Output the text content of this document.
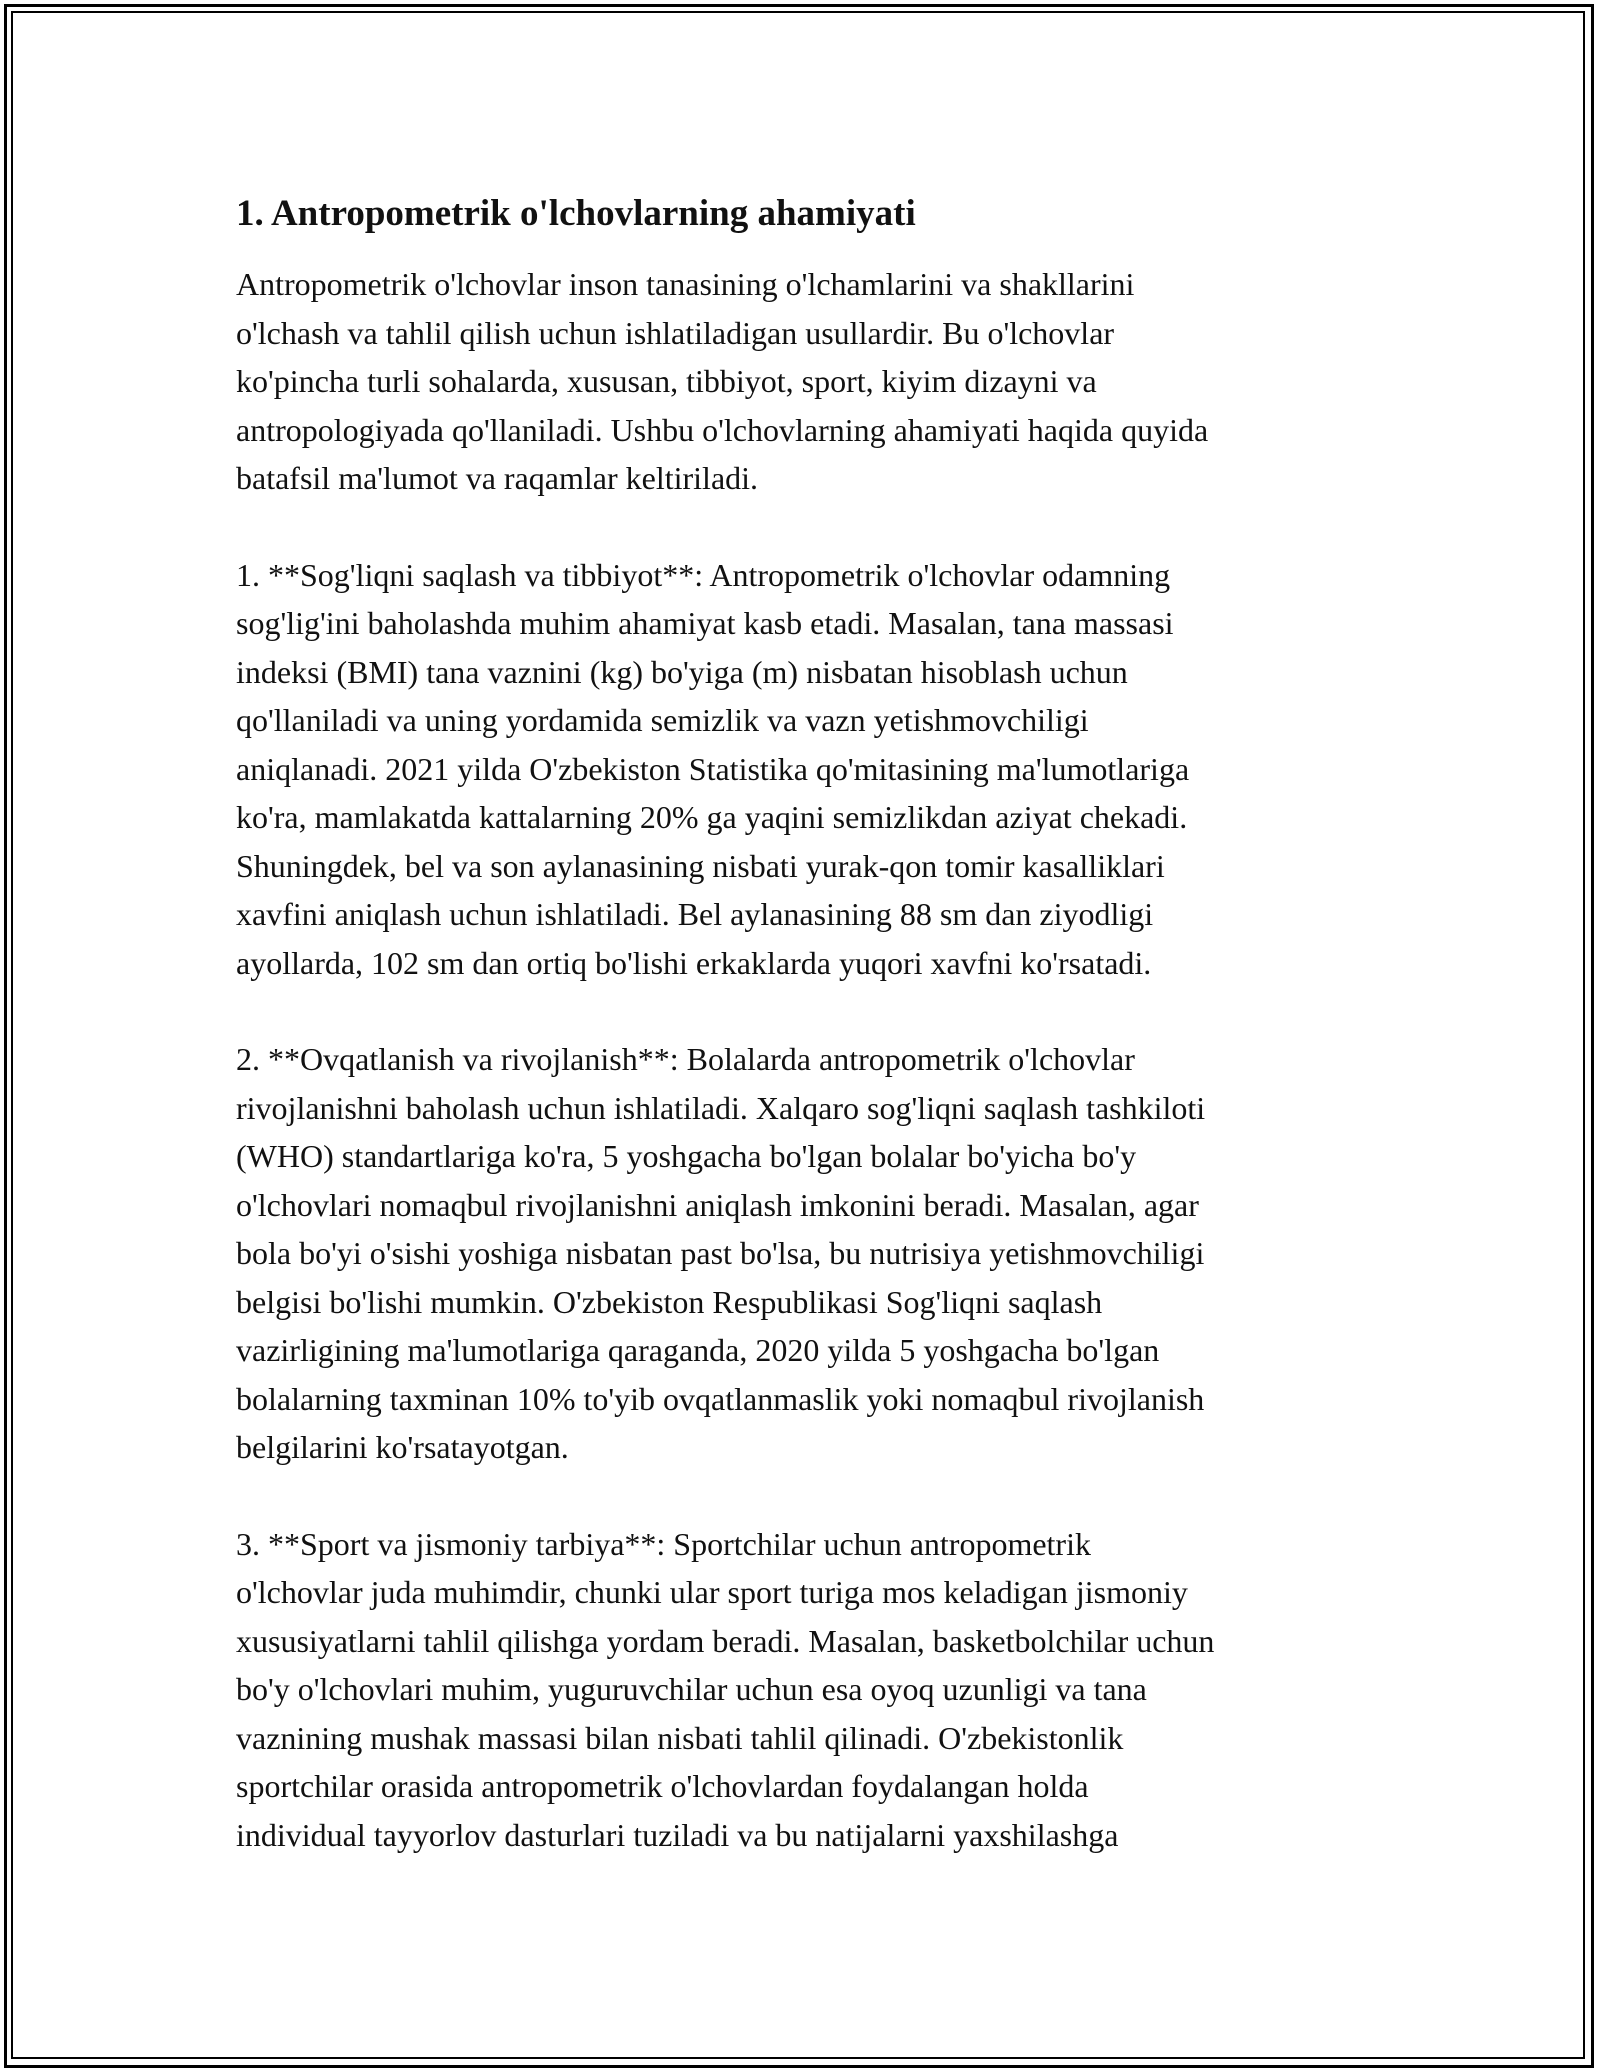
1. Antropometrik o'lchovlarning ahamiyati
Antropometrik o'lchovlar inson tanasining o'lchamlarini va shakllarini
o'lchash va tahlil qilish uchun ishlatiladigan usullardir. Bu o'lchovlar
ko'pincha turli sohalarda, xususan, tibbiyot, sport, kiyim dizayni va
antropologiyada qo'llaniladi. Ushbu o'lchovlarning ahamiyati haqida quyida
batafsil ma'lumot va raqamlar keltiriladi.
1. **Sog'liqni saqlash va tibbiyot**: Antropometrik o'lchovlar odamning
sog'lig'ini baholashda muhim ahamiyat kasb etadi. Masalan, tana massasi
indeksi (BMI) tana vaznini (kg) bo'yiga (m) nisbatan hisoblash uchun
qo'llaniladi va uning yordamida semizlik va vazn yetishmovchiligi
aniqlanadi. 2021 yilda O'zbekiston Statistika qo'mitasining ma'lumotlariga
ko'ra, mamlakatda kattalarning 20% ga yaqini semizlikdan aziyat chekadi.
Shuningdek, bel va son aylanasining nisbati yurak-qon tomir kasalliklari
xavfini aniqlash uchun ishlatiladi. Bel aylanasining 88 sm dan ziyodligi
ayollarda, 102 sm dan ortiq bo'lishi erkaklarda yuqori xavfni ko'rsatadi.
2. **Ovqatlanish va rivojlanish**: Bolalarda antropometrik o'lchovlar
rivojlanishni baholash uchun ishlatiladi. Xalqaro sog'liqni saqlash tashkiloti
(WHO) standartlariga ko'ra, 5 yoshgacha bo'lgan bolalar bo'yicha bo'y
o'lchovlari nomaqbul rivojlanishni aniqlash imkonini beradi. Masalan, agar
bola bo'yi o'sishi yoshiga nisbatan past bo'lsa, bu nutrisiya yetishmovchiligi
belgisi bo'lishi mumkin. O'zbekiston Respublikasi Sog'liqni saqlash
vazirligining ma'lumotlariga qaraganda, 2020 yilda 5 yoshgacha bo'lgan
bolalarning taxminan 10% to'yib ovqatlanmaslik yoki nomaqbul rivojlanish
belgilarini ko'rsatayotgan.
3. **Sport va jismoniy tarbiya**: Sportchilar uchun antropometrik
o'lchovlar juda muhimdir, chunki ular sport turiga mos keladigan jismoniy
xususiyatlarni tahlil qilishga yordam beradi. Masalan, basketbolchilar uchun
bo'y o'lchovlari muhim, yuguruvchilar uchun esa oyoq uzunligi va tana
vaznining mushak massasi bilan nisbati tahlil qilinadi. O'zbekistonlik
sportchilar orasida antropometrik o'lchovlardan foydalangan holda
individual tayyorlov dasturlari tuziladi va bu natijalarni yaxshilashga
